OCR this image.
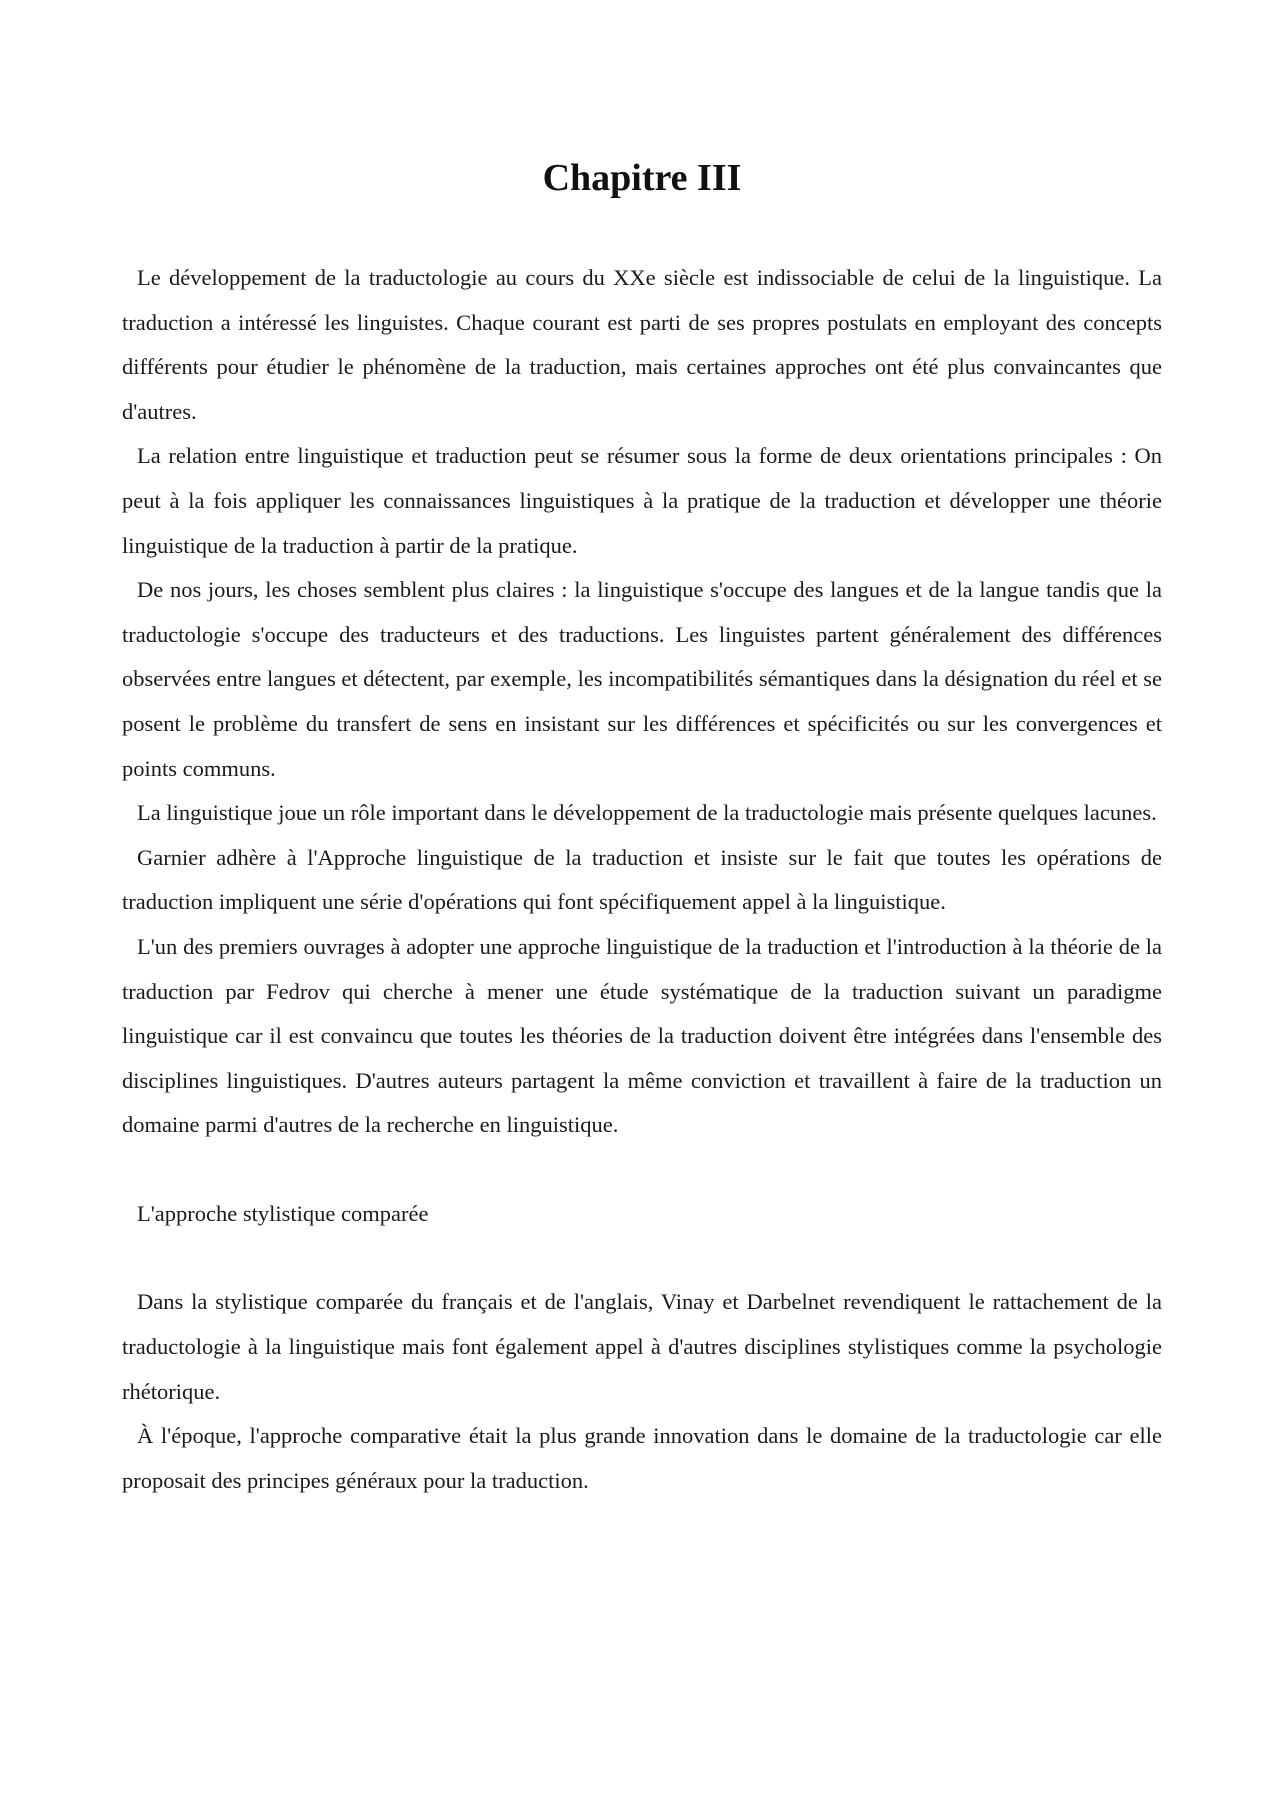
Chapitre III

Le développement de la traductologie au cours du XXe siècle est indissociable de celui de la linguistique. La traduction a intéressé les linguistes. Chaque courant est parti de ses propres postulats en employant des concepts différents pour étudier le phénomène de la traduction, mais certaines approches ont été plus convaincantes que d'autres.

La relation entre linguistique et traduction peut se résumer sous la forme de deux orientations principales : On peut à la fois appliquer les connaissances linguistiques à la pratique de la traduction et développer une théorie linguistique de la traduction à partir de la pratique.

De nos jours, les choses semblent plus claires : la linguistique s'occupe des langues et de la langue tandis que la traductologie s'occupe des traducteurs et des traductions. Les linguistes partent généralement des différences observées entre langues et détectent, par exemple, les incompatibilités sémantiques dans la désignation du réel et se posent le problème du transfert de sens en insistant sur les différences et spécificités ou sur les convergences et points communs.

La linguistique joue un rôle important dans le développement de la traductologie mais présente quelques lacunes.

Garnier adhère à l'Approche linguistique de la traduction et insiste sur le fait que toutes les opérations de traduction impliquent une série d'opérations qui font spécifiquement appel à la linguistique.

L'un des premiers ouvrages à adopter une approche linguistique de la traduction et l'introduction à la théorie de la traduction par Fedrov qui cherche à mener une étude systématique de la traduction suivant un paradigme linguistique car il est convaincu que toutes les théories de la traduction doivent être intégrées dans l'ensemble des disciplines linguistiques. D'autres auteurs partagent la même conviction et travaillent à faire de la traduction un domaine parmi d'autres de la recherche en linguistique.

L'approche stylistique comparée

Dans la stylistique comparée du français et de l'anglais, Vinay et Darbelnet revendiquent le rattachement de la traductologie à la linguistique mais font également appel à d'autres disciplines stylistiques comme la psychologie rhétorique.

À l'époque, l'approche comparative était la plus grande innovation dans le domaine de la traductologie car elle proposait des principes généraux pour la traduction.
